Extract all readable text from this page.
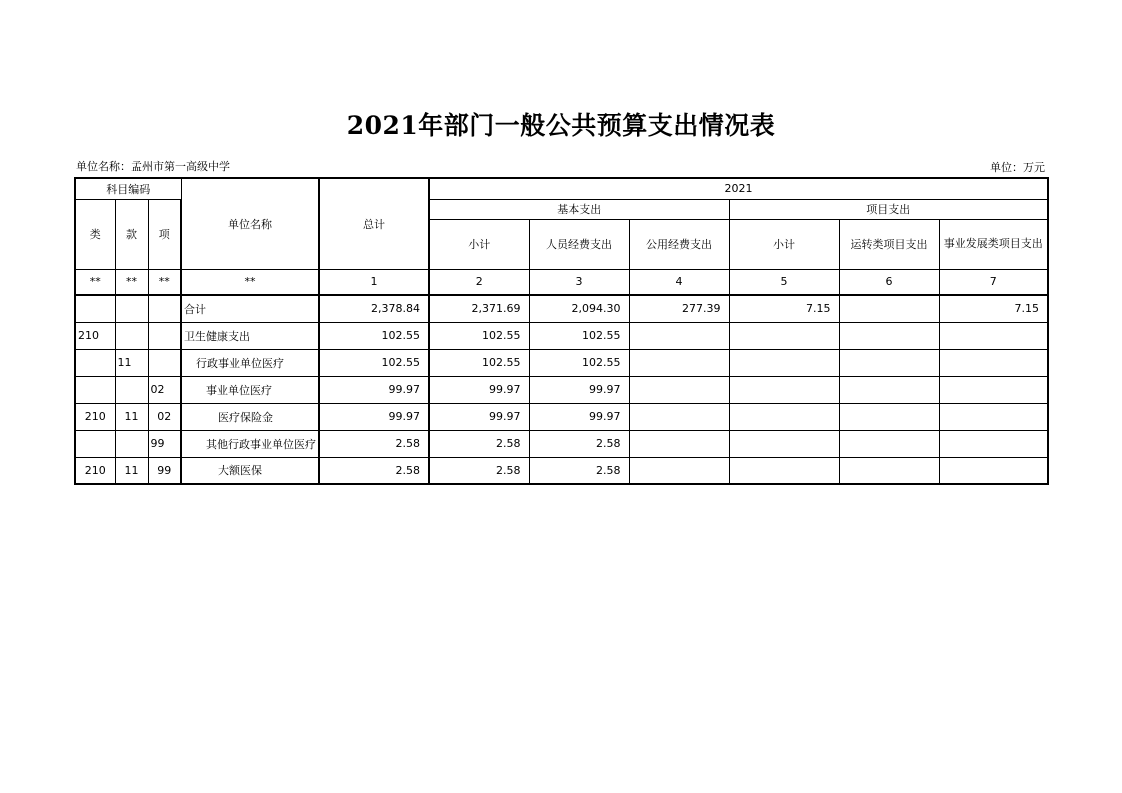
2021年部门一般公共预算支出情况表
单位名称：孟州市第一高级中学	单位：万元
科目编码			单位名称	总计	2021					
类	款	项			基本支出			项目支出		
					小计	人员经费支出	公用经费支出	小计	运转类项目支出	事业发展类项目支出
**	**	**	**	1	2	3	4	5	6	7
			合计	2,378.84	2,371.69	2,094.30	277.39	7.15		7.15
210			卫生健康支出	102.55	102.55	102.55				
	11		行政事业单位医疗	102.55	102.55	102.55				
		02	事业单位医疗	99.97	99.97	99.97				
210	11	02	医疗保险金	99.97	99.97	99.97				
		99	其他行政事业单位医疗	2.58	2.58	2.58				
210	11	99	大额医保	2.58	2.58	2.58				
